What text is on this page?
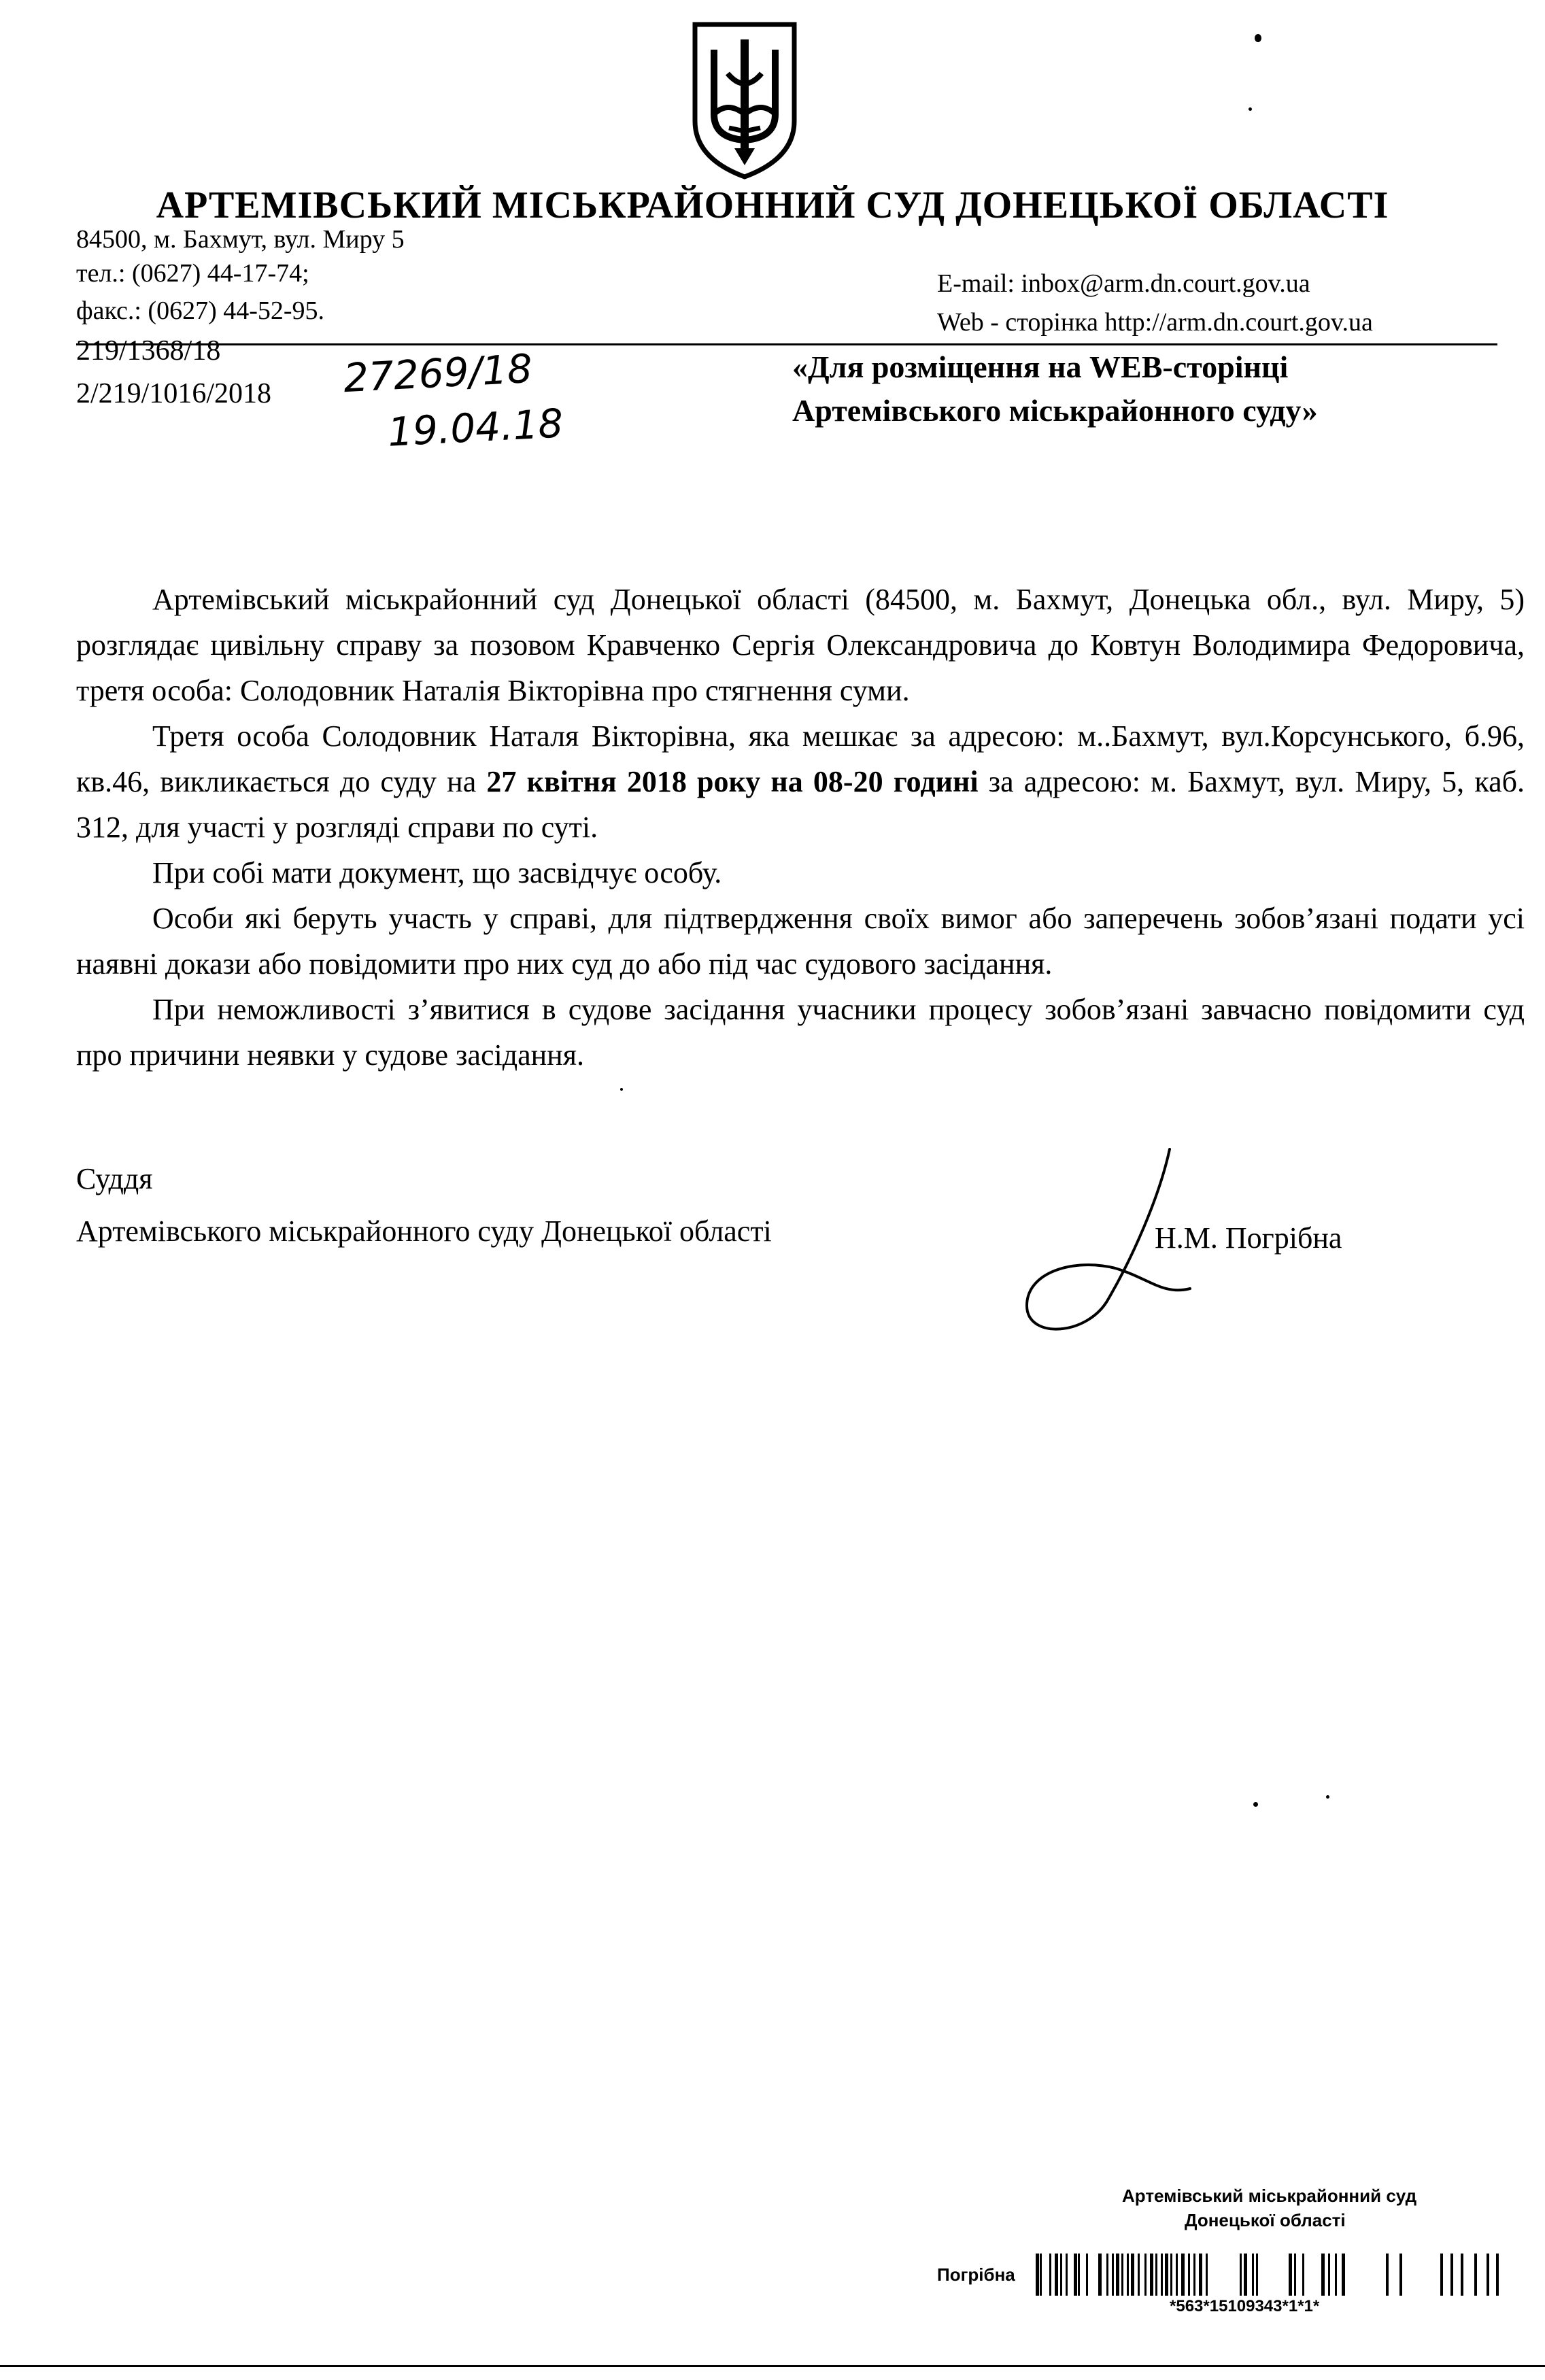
АРТЕМІВСЬКИЙ МІСЬКРАЙОННИЙ СУД ДОНЕЦЬКОЇ ОБЛАСТІ
84500, м. Бахмут, вул. Миру 5
тел.: (0627) 44-17-74;
факс.: (0627) 44-52-95.
E-mail: inbox@arm.dn.court.gov.ua
Web - сторінка http://arm.dn.court.gov.ua
219/1368/18
2/219/1016/2018 27269/18
19.04.18
«Для розміщення на WEB-сторінці
Артемівського міськрайонного суду»

Артемівський міськрайонний суд Донецької області (84500, м. Бахмут, Донецька обл., вул. Миру, 5) розглядає цивільну справу за позовом Кравченко Сергія Олександровича до Ковтун Володимира Федоровича, третя особа: Солодовник Наталія Вікторівна про стягнення суми.

Третя особа Солодовник Наталя Вікторівна, яка мешкає за адресою: м..Бахмут, вул.Корсунського, б.96, кв.46, викликається до суду на 27 квітня 2018 року на 08-20 годині за адресою: м. Бахмут, вул. Миру, 5, каб. 312, для участі у розгляді справи по суті.

При собі мати документ, що засвідчує особу.

Особи які беруть участь у справі, для підтвердження своїх вимог або заперечень зобов’язані подати усі наявні докази або повідомити про них суд до або під час судового засідання.

При неможливості з’явитися в судове засідання учасники процесу зобов’язані завчасно повідомити суд про причини неявки у судове засідання.

Суддя
Артемівського міськрайонного суду Донецької області	Н.М. Погрібна
Артемівський міськрайонний суд
Донецької області
Погрібна
*563*15109343*1*1*
